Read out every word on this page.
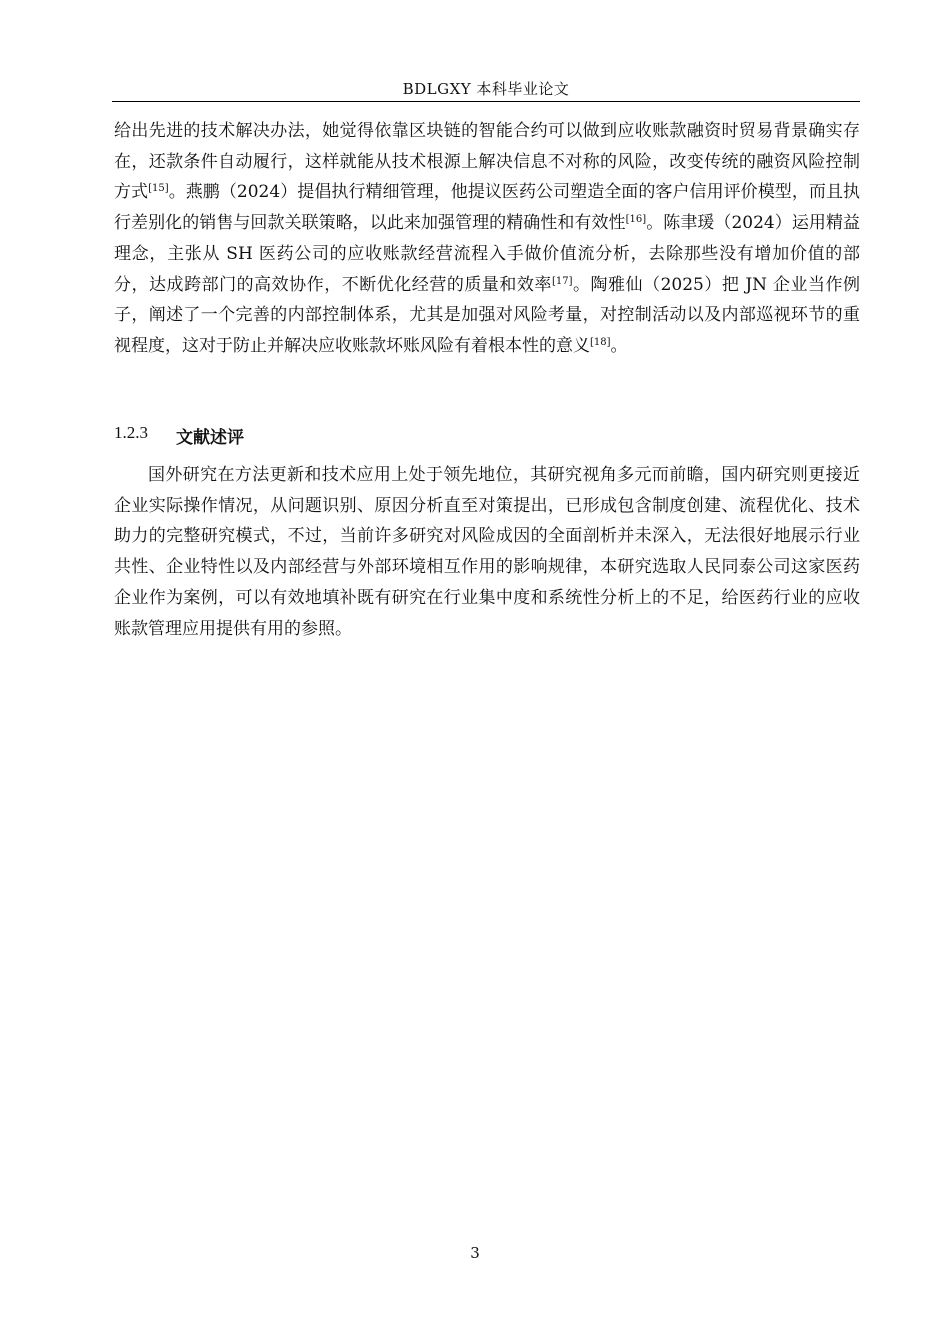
BDLGXY 本科毕业论文

给出先进的技术解决办法，她觉得依靠区块链的智能合约可以做到应收账款融资时贸易背景确实存在，还款条件自动履行，这样就能从技术根源上解决信息不对称的风险，改变传统的融资风险控制方式[15]。燕鹏（2024）提倡执行精细管理，他提议医药公司塑造全面的客户信用评价模型，而且执行差别化的销售与回款关联策略，以此来加强管理的精确性和有效性[16]。陈聿瑗（2024）运用精益理念，主张从 SH 医药公司的应收账款经营流程入手做价值流分析，去除那些没有增加价值的部分，达成跨部门的高效协作，不断优化经营的质量和效率[17]。陶雅仙（2025）把 JN 企业当作例子，阐述了一个完善的内部控制体系，尤其是加强对风险考量，对控制活动以及内部巡视环节的重视程度，这对于防止并解决应收账款坏账风险有着根本性的意义[18]。

1.2.3	文献述评

国外研究在方法更新和技术应用上处于领先地位，其研究视角多元而前瞻，国内研究则更接近企业实际操作情况，从问题识别、原因分析直至对策提出，已形成包含制度创建、流程优化、技术助力的完整研究模式，不过，当前许多研究对风险成因的全面剖析并未深入，无法很好地展示行业共性、企业特性以及内部经营与外部环境相互作用的影响规律，本研究选取人民同泰公司这家医药企业作为案例，可以有效地填补既有研究在行业集中度和系统性分析上的不足，给医药行业的应收账款管理应用提供有用的参照。

3
